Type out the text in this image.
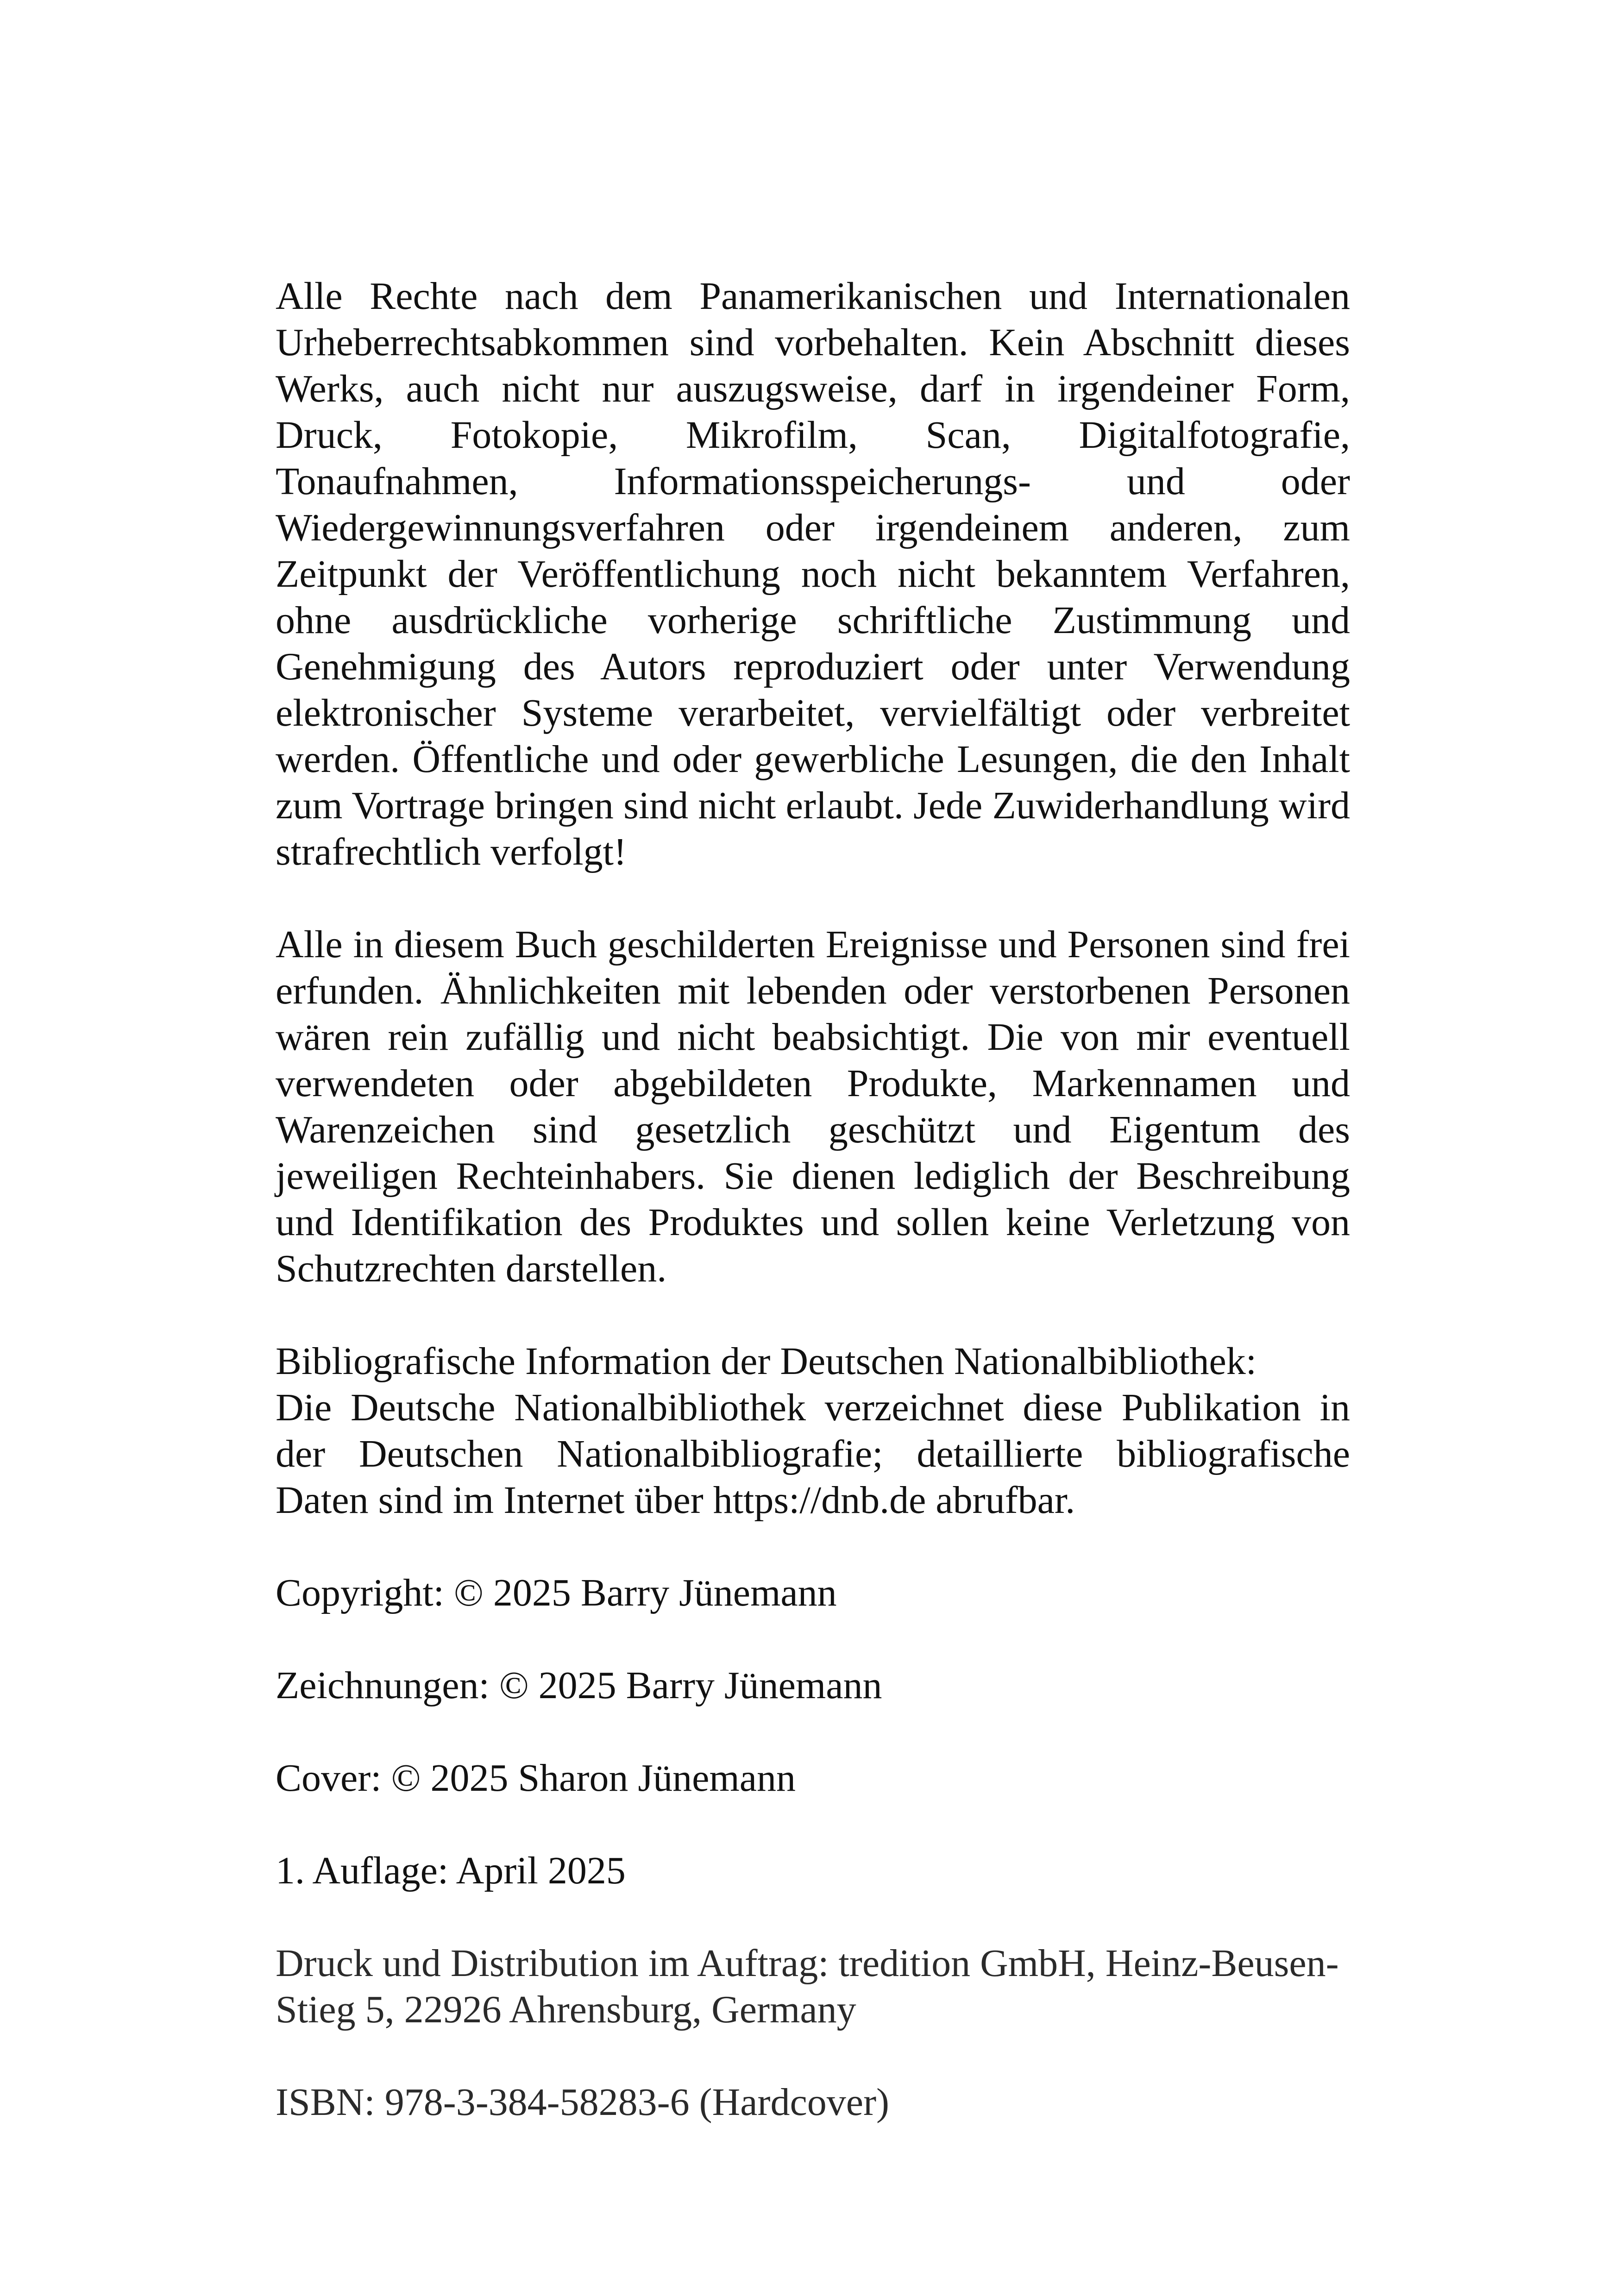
Alle Rechte nach dem Panamerikanischen und Internationalen Urheberrechtsabkommen sind vorbehalten. Kein Abschnitt dieses Werks, auch nicht nur auszugsweise, darf in irgendeiner Form, Druck, Fotokopie, Mikrofilm, Scan, Digitalfotografie, Tonaufnahmen, Informationsspeicherungs- und oder Wiedergewinnungsverfahren oder irgendeinem anderen, zum Zeitpunkt der Veröffentlichung noch nicht bekanntem Verfahren, ohne ausdrückliche vorherige schriftliche Zustimmung und Genehmigung des Autors reproduziert oder unter Verwendung elektronischer Systeme verarbeitet, vervielfältigt oder verbreitet werden. Öffentliche und oder gewerbliche Lesungen, die den Inhalt zum Vortrage bringen sind nicht erlaubt. Jede Zuwiderhandlung wird strafrechtlich verfolgt!

Alle in diesem Buch geschilderten Ereignisse und Personen sind frei erfunden. Ähnlichkeiten mit lebenden oder verstorbenen Personen wären rein zufällig und nicht beabsichtigt. Die von mir eventuell verwendeten oder abgebildeten Produkte, Markennamen und Warenzeichen sind gesetzlich geschützt und Eigentum des jeweiligen Rechteinhabers. Sie dienen lediglich der Beschreibung und Identifikation des Produktes und sollen keine Verletzung von Schutzrechten darstellen.

Bibliografische Information der Deutschen Nationalbibliothek:

Die Deutsche Nationalbibliothek verzeichnet diese Publikation in der Deutschen Nationalbibliografie; detaillierte bibliografische Daten sind im Internet über https://dnb.de abrufbar.

Copyright: © 2025 Barry Jünemann

Zeichnungen: © 2025 Barry Jünemann

Cover: © 2025 Sharon Jünemann

1. Auflage: April 2025

Druck und Distribution im Auftrag: tredition GmbH, Heinz-Beusen-

Stieg 5, 22926 Ahrensburg, Germany

ISBN: 978-3-384-58283-6 (Hardcover)
